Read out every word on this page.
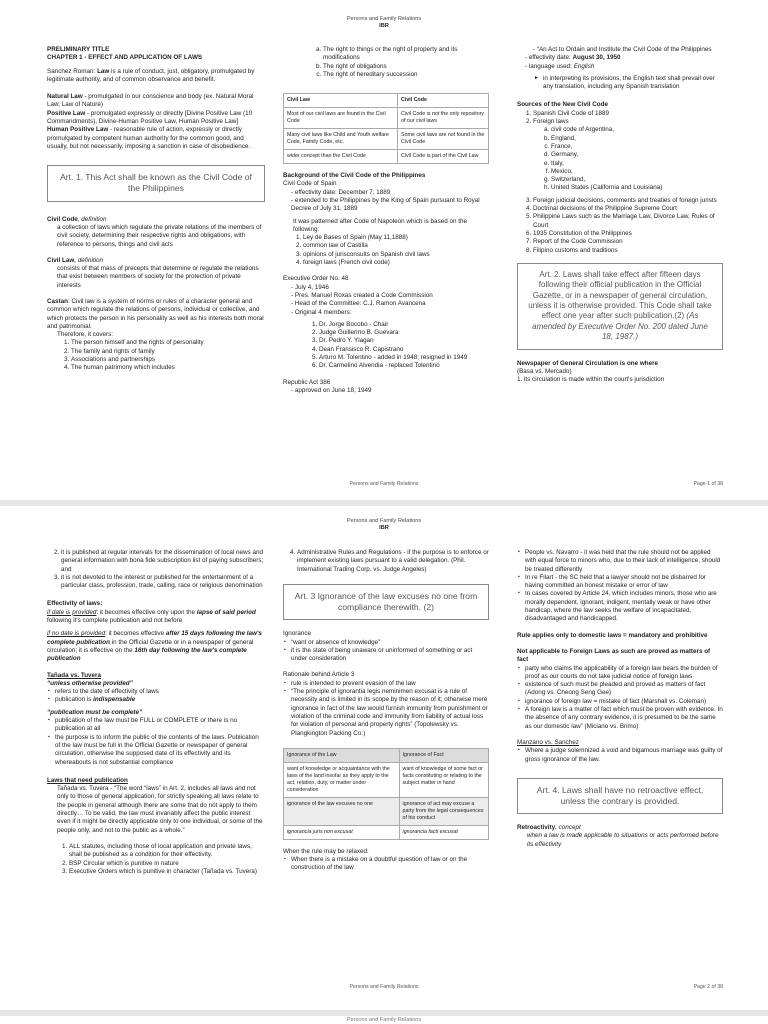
Persons and Family Relations
IBR
PRELIMINARY TITLE

CHAPTER 1 - EFFECT AND APPLICATION OF LAWS

Sanchez Roman: Law is a rule of conduct, just, obligatory, promulgated by legitimate authority, and of common observance and benefit.

Natural Law - promulgated in our conscience and body (ex. Natural Moral Law, Law of Nature)
Positive Law - promulgated expressly or directly [Divine Positive Law (10 Commandments), Divine-Human Positive Law, Human Positive Law]

Human Positive Law - reasonable rule of action, expressly or directly promulgated by competent human authority for the common good, and usually, but not necessarily, imposing a sanction in case of disobedience.

Art. 1. This Act shall be known as the Civil Code of the Philippines
Civil Code, definition

a collection of laws which regulate the private relations of the members of civil society, determining their respective rights and obligations, with reference to persons, things and civil acts

Civil Law, definition

consists of that mass of precepts that determine or regulate the relations that exist between members of society for the protection of private interests

Castan: Civil law is a system of norms or rules of a character general and common which regulate the relations of persons, individual or collective, and which protects the person in his personality as well as his interests both moral and patrimonial.
Therefore, it covers:
1. The person himself and the rights of personality
2. The family and rights of family
3. Associations and partnerships
4. The human patrimony which includes
a. The right to things or the right of property and its modifications
b. The right of obligations
c. The right of hereditary succession
Civil Law	Civil Code
Most of our civil laws are found in the Civil Code	Civil Code is not the only repository of our civil laws
Many civil laws like Child and Youth welfare Code, Family Code, etc.	Some civil laws are not found in the Civil Code
wider concept than the Civil Code	Civil Code is part of the Civil Law
Background of the Civil Code of the Philippines
Civil Code of Spain
- effectivity date: December 7, 1889
- extended to the Philippines by the King of Spain pursuant to Royal Decree of July 31, 1889
It was patterned after Code of Napoleon which is based on the following:
1. Ley de Bases of Spain (May 11,1888)
2. common law of Castilla
3. opinions of jurisconsults on Spanish civil laws
4. foreign laws (French civil code)
Executive Order No. 48
- July 4, 1946
- Pres. Manuel Roxas created a Code Commission
- Head of the Committee: C.J. Ramon Avancena
- Original 4 members:
1. Dr. Jorge Bocobo - Chair
2. Judge Guillermo B. Guevara
3. Dr. Pedro Y. Ylagan
4. Dean Fransisco R. Capistrano
5. Arturo M. Tolentino - added in 1948; resigned in 1949
6. Dr. Carmelino Alvendia - replaced Tolentino
Republic Act 386
- approved on June 18, 1949
- “An Act to Ordain and Institute the Civil Code of the Philippines
- effectivity date: August 30, 1950
- language used: English
► in interpreting its provisions, the English text shall prevail over any translation, including any Spanish translation
Sources of the New Civil Code
1. Spanish Civil Code of 1889
2. Foreign laws
a. civil code of Argentina,
b. England,
c. France,
d. Germany,
e. Italy,
f. Mexico,
g. Switzerland,
h. United States (California and Louisiana)
3. Foreign judicial decisions, comments and treaties of foreign jurists
4. Doctrinal decisions of the Philippine Supreme Court
5. Philippine Laws such as the Marriage Law, Divorce Law, Rules of Court
6. 1935 Constitution of the Philippines
7. Report of the Code Commission
8. Filipino customs and traditions
Art. 2. Laws shall take effect after fifteen days following their official publication in the Official Gazette, or in a newspaper of general circulation, unless it is otherwise provided. This Code shall take effect one year after such publication.(2) (As amended by Executive Order No. 200 dated June 18, 1987.)
Newspaper of General Circulation is one where
(Basa vs. Mercado)
1. its circulation is made within the court's jurisdiction
Persons and Family Relations	Page 1 of 38
Persons and Family Relations
IBR
2. it is published at regular intervals for the dissemination of local news and general information with bona fide subscription list of paying subscribers; and
3. it is not devoted to the interest or published for the entertainment of a particular class, profession, trade, calling, race or religious denomination
Effectivity of laws:

if date is provided: it becomes effective only upon the lapse of said period following it's complete publication and not before

if no date is provided: it becomes effective after 15 days following the law's complete publication in the Official Gazette or in a newspaper of general circulation; it is effective on the 16th day following the law's complete publication

Tañada vs. Tuvera
“unless otherwise provided”
▪ refers to the date of effectivity of laws
▪ publication is indispensable
“publication must be complete”
▪ publication of the law must be FULL or COMPLETE or there is no publication at all
▪ the purpose is to inform the public of the contents of the laws. Publication of the law must be full in the Official Gazette or newspaper of general circulation, otherwise the supposed date of its effectivity and its whereabouts is not substantial compliance
Laws that need publication

Tañada vs. Tuvera - “The word “laws” in Art. 2, includes all laws and not only to those of general application, for strictly speaking all laws relate to the people in general although there are some that do not apply to them directly… To be valid, the law must invariably affect the public interest even if it might be directly applicable only to one individual, or some of the people only, and not to the public as a whole.”

1. ALL statutes, including those of local application and private laws, shall be published as a condition for their effectivity.
2. BSP Circular which is punitive in nature
3. Executive Orders which is punitive in character (Tañada vs. Tuvera)
4. Administrative Rules and Regulations - if the purpose is to enforce or implement existing laws pursuant to a valid delegation. (Phil. International Trading Corp. vs. Judge Angeles)
Art. 3 Ignorance of the law excuses no one from compliance therewith. (2)
Ignorance
▪ “want or absence of knowledge”
▪ it is the state of being unaware or uninformed of something or act under consideration
Rationale behind Article 3
▪ rule is intended to prevent evasion of the law
▪ “The principle of ignorantia legis neminimen excusat is a rule of necessity and is limited in its scope by the reason of it; otherwise mere ignorance in fact of the law would furnish immunity from punishment or violation of the criminal code and immunity from liability of actual loss for violation of personal and property rights” (Topolewsky vs. Plangkington Packing Co.)
Ignorance of the Law	Ignorance of Fact
want of knowledge or acquaintance with the laws of the land insofar as they apply to the act, relation, duty, or matter under consideration	want of knowledge of some fact or facts constituting or relating to the subject matter in hand
ignorance of the law excuses no one	ignorance of act may excuse a party from the legal consequences of his conduct
ignorancia juris non excusat	ignorancia facti excusat
When the rule may be relaxed:
▪ When there is a mistake on a doubtful question of law or on the construction of the law
▪ People vs. Navarro - it was held that the rule should not be applied with equal force to minors who, due to their lack of intelligence, should be treated differently
▪ In re Filart - the SC held that a lawyer should not be disbarred for having committed an honest mistake or error of law
▪ In cases covered by Article 24, which includes minors, those who are morally dependent, ignorant, indigent, mentally weak or have other handicap, where the law seeks the welfare of incapacitated, disadvantaged and handicapped.

Rule applies only to domestic laws = mandatory and prohibitive

Not applicable to Foreign Laws as such are proved as matters of fact
▪ party who claims the applicability of a foreign law bears the burden of proof as our courts do not take judicial notice of foreign laws
▪ existence of such must be pleaded and proved as matters of fact (Adong vs. Cheong Seng Gee)
▪ ignorance of foreign law = mistake of fact (Marshall vs. Coleman)
▪ A foreign law is a matter of fact which must be proven with evidence. In the absence of any contrary evidence, it is presumed to be the same as our domestic law” (Miciano vs. Brimo)
Manzano vs. Sanchez
▪ Where a judge solemnized a void and bigamous marriage was guilty of gross ignorance of the law.
Art. 4. Laws shall have no retroactive effect, unless the contrary is provided.
Retroactivity, concept
when a law is made applicable to situations or acts performed before its effectivity
Persons and Family Relations	Page 2 of 38
Persons and Family Relations
